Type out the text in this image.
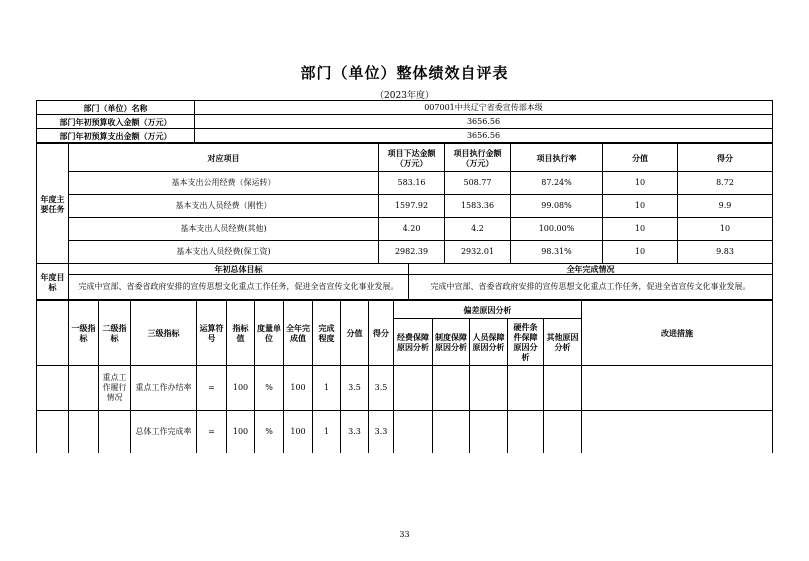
部门（单位）整体绩效自评表
（2023年度）
部门（单位）名称	007001中共辽宁省委宣传部本级
部门年初预算收入金额（万元）	3656.56
部门年初预算支出金额（万元）	3656.56
年度主要任务	对应项目	项目下达金额（万元）	项目执行金额（万元）	项目执行率	分值	得分
	基本支出公用经费（保运转）	583.16	508.77	87.24%	10	8.72
	基本支出人员经费（刚性）	1597.92	1583.36	99.08%	10	9.9
	基本支出人员经费(其他)	4.20	4.2	100.00%	10	10
	基本支出人员经费(保工资)	2982.39	2932.01	98.31%	10	9.83
年度目标	年初总体目标	全年完成情况
	完成中宣部、省委省政府安排的宣传思想文化重点工作任务，促进全省宣传文化事业发展。	完成中宣部、省委省政府安排的宣传思想文化重点工作任务，促进全省宣传文化事业发展。
	一级指标	二级指标	三级指标	运算符号	指标值	度量单位	全年完成值	完成程度	分值	得分	偏差原因分析					改进措施
											经费保障原因分析	制度保障原因分析	人员保障原因分析	硬件条件保障原因分析	其他原因分析	
		重点工作履行情况	重点工作办结率	=	100	%	100	1	3.5	3.5						
			总体工作完成率	=	100	%	100	1	3.3	3.3						
33
